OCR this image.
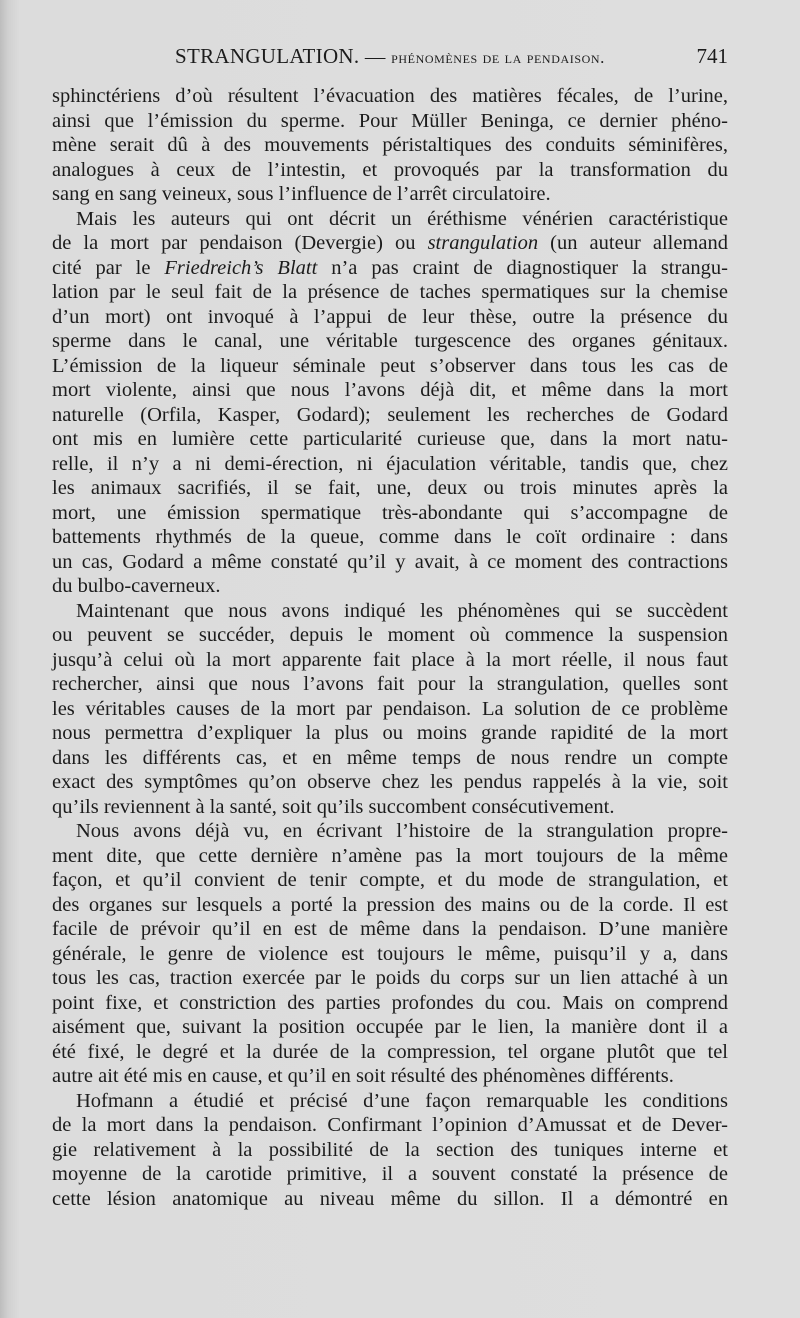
STRANGULATION. — phénomènes de la pendaison.	741
sphinctériens d’où résultent l’évacuation des matières fécales, de l’urine,
ainsi que l’émission du sperme. Pour Müller Beninga, ce dernier phéno-
mène serait dû à des mouvements péristaltiques des conduits séminifères,
analogues à ceux de l’intestin, et provoqués par la transformation du
sang en sang veineux, sous l’influence de l’arrêt circulatoire.
Mais les auteurs qui ont décrit un éréthisme vénérien caractéristique
de la mort par pendaison (Devergie) ou strangulation (un auteur allemand
cité par le Friedreich’s Blatt n’a pas craint de diagnostiquer la strangu-
lation par le seul fait de la présence de taches spermatiques sur la chemise
d’un mort) ont invoqué à l’appui de leur thèse, outre la présence du
sperme dans le canal, une véritable turgescence des organes génitaux.
L’émission de la liqueur séminale peut s’observer dans tous les cas de
mort violente, ainsi que nous l’avons déjà dit, et même dans la mort
naturelle (Orfila, Kasper, Godard); seulement les recherches de Godard
ont mis en lumière cette particularité curieuse que, dans la mort natu-
relle, il n’y a ni demi-érection, ni éjaculation véritable, tandis que, chez
les animaux sacrifiés, il se fait, une, deux ou trois minutes après la
mort, une émission spermatique très-abondante qui s’accompagne de
battements rhythmés de la queue, comme dans le coït ordinaire : dans
un cas, Godard a même constaté qu’il y avait, à ce moment des contractions
du bulbo-caverneux.
Maintenant que nous avons indiqué les phénomènes qui se succèdent
ou peuvent se succéder, depuis le moment où commence la suspension
jusqu’à celui où la mort apparente fait place à la mort réelle, il nous faut
rechercher, ainsi que nous l’avons fait pour la strangulation, quelles sont
les véritables causes de la mort par pendaison. La solution de ce problème
nous permettra d’expliquer la plus ou moins grande rapidité de la mort
dans les différents cas, et en même temps de nous rendre un compte
exact des symptômes qu’on observe chez les pendus rappelés à la vie, soit
qu’ils reviennent à la santé, soit qu’ils succombent consécutivement.
Nous avons déjà vu, en écrivant l’histoire de la strangulation propre-
ment dite, que cette dernière n’amène pas la mort toujours de la même
façon, et qu’il convient de tenir compte, et du mode de strangulation, et
des organes sur lesquels a porté la pression des mains ou de la corde. Il est
facile de prévoir qu’il en est de même dans la pendaison. D’une manière
générale, le genre de violence est toujours le même, puisqu’il y a, dans
tous les cas, traction exercée par le poids du corps sur un lien attaché à un
point fixe, et constriction des parties profondes du cou. Mais on comprend
aisément que, suivant la position occupée par le lien, la manière dont il a
été fixé, le degré et la durée de la compression, tel organe plutôt que tel
autre ait été mis en cause, et qu’il en soit résulté des phénomènes différents.
Hofmann a étudié et précisé d’une façon remarquable les conditions
de la mort dans la pendaison. Confirmant l’opinion d’Amussat et de Dever-
gie relativement à la possibilité de la section des tuniques interne et
moyenne de la carotide primitive, il a souvent constaté la présence de
cette lésion anatomique au niveau même du sillon. Il a démontré en
